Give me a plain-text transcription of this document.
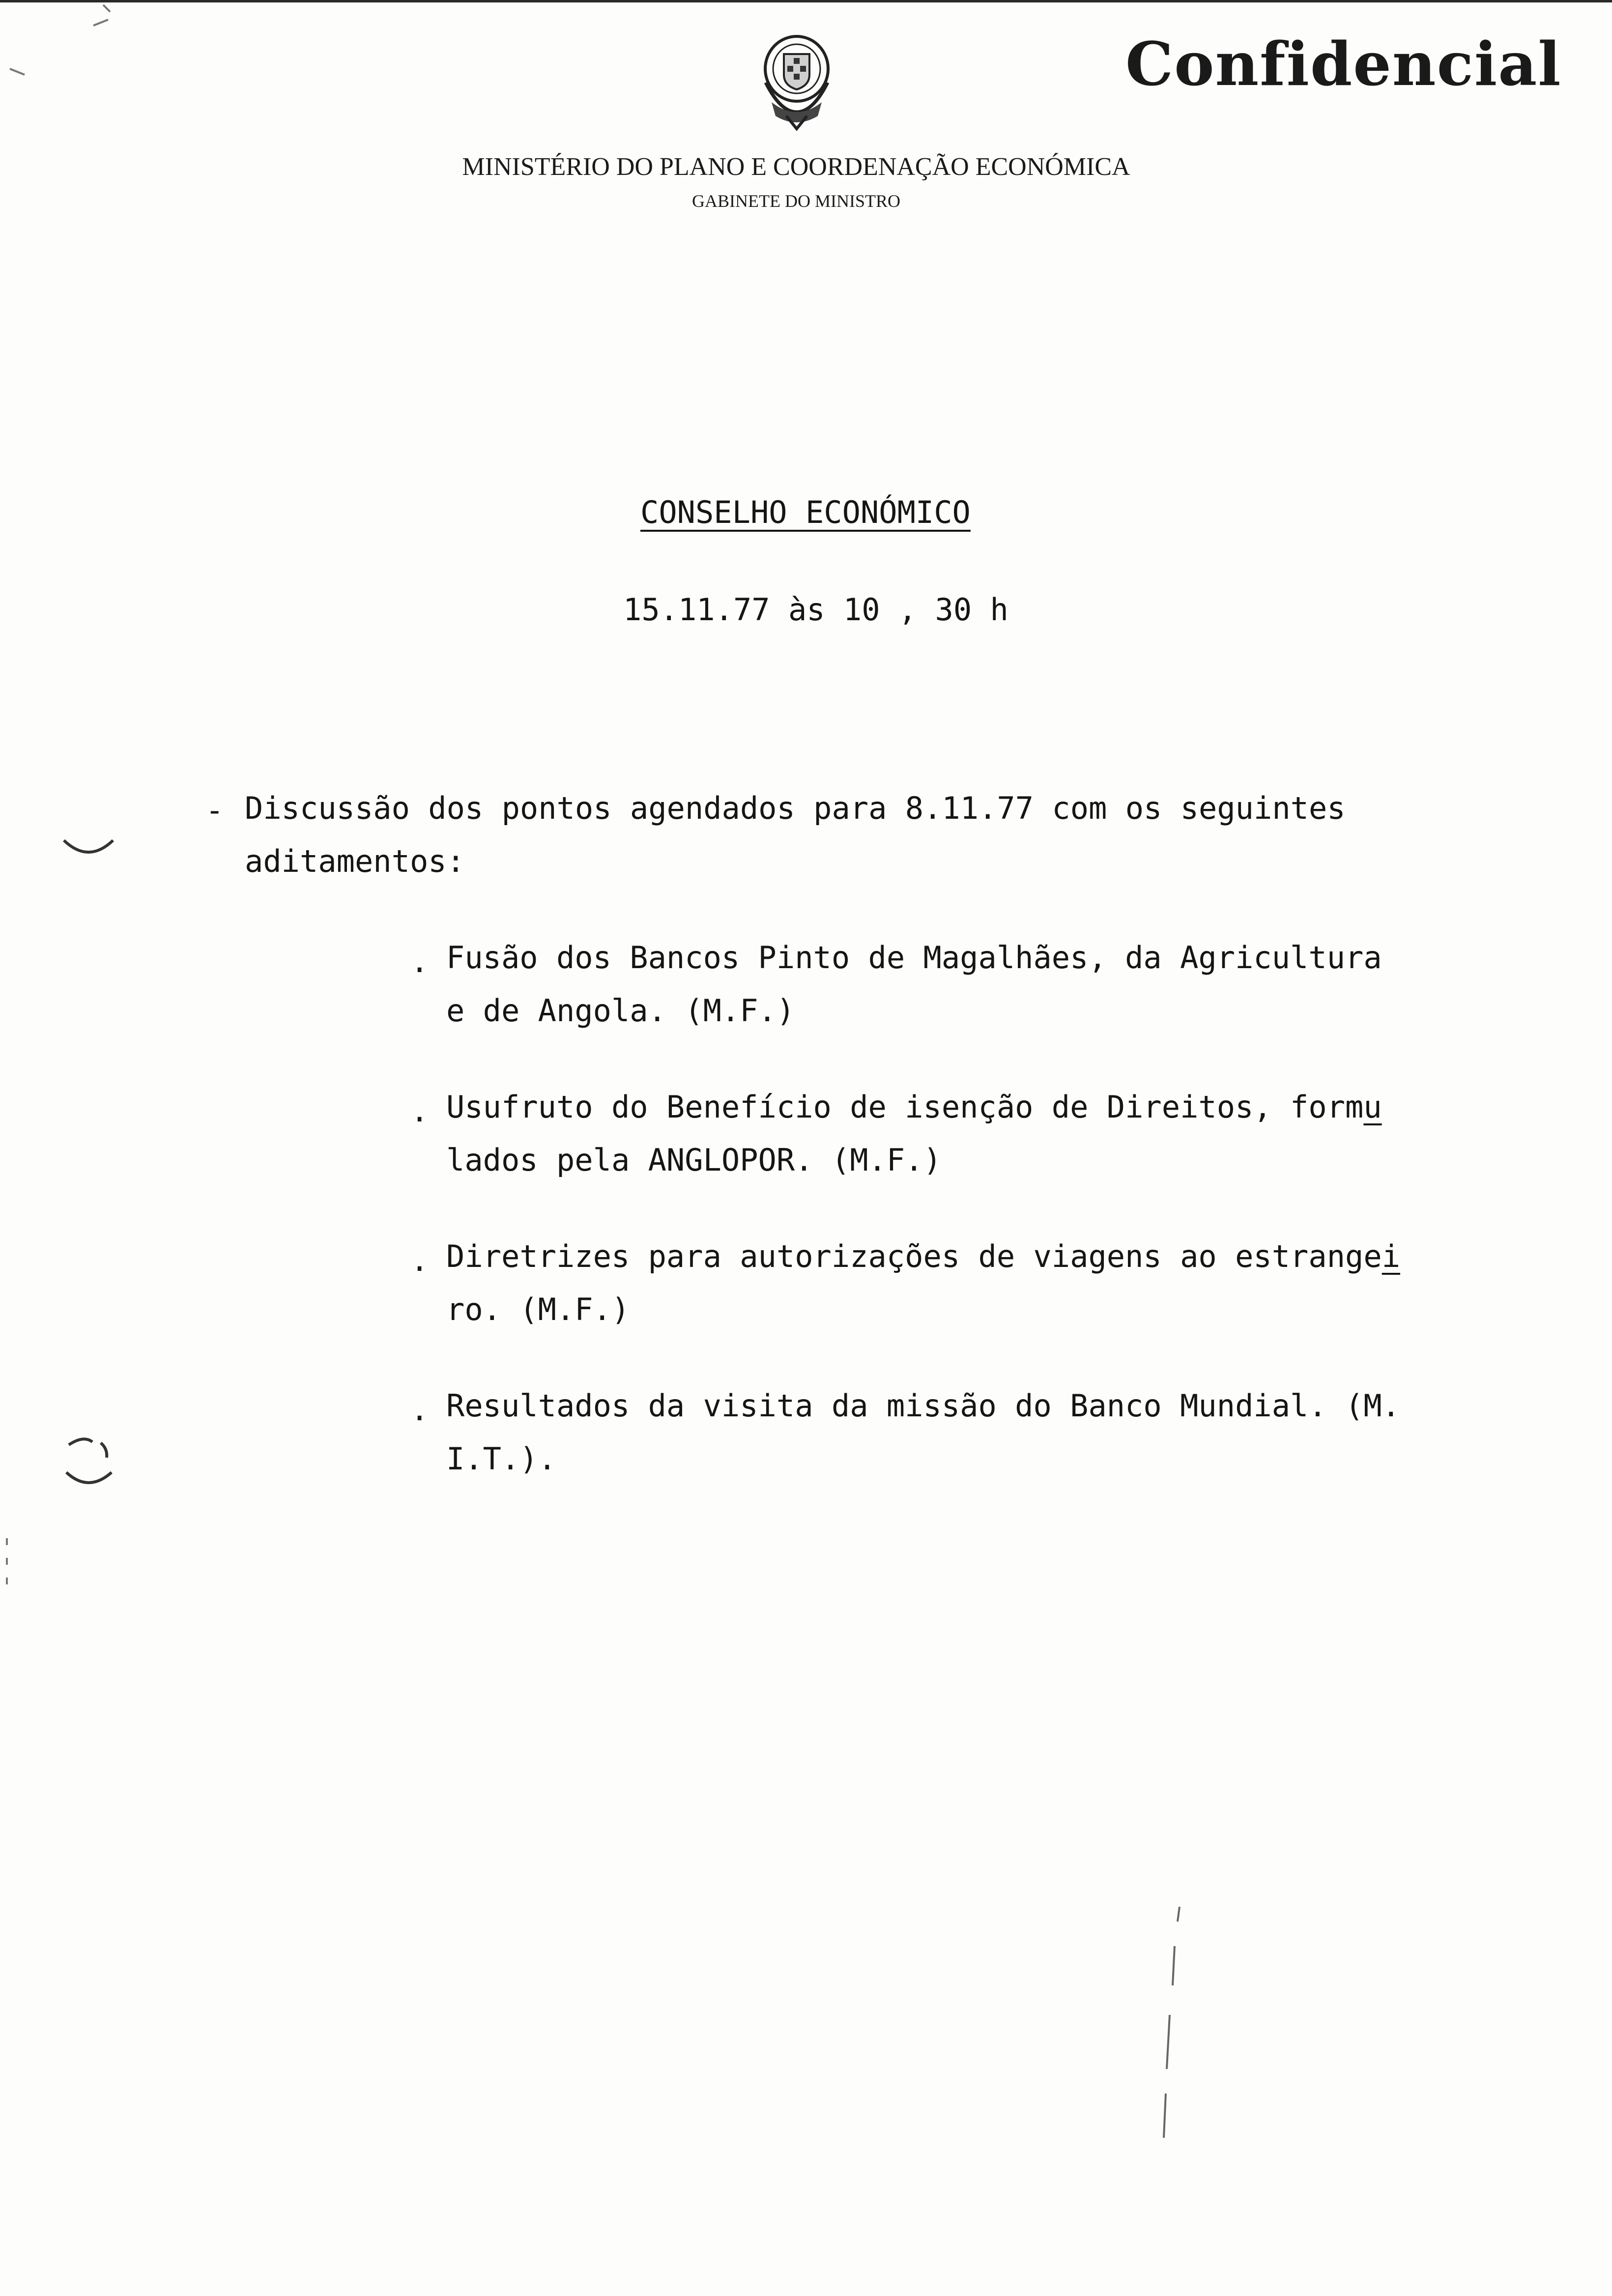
Confidencial
MINISTÉRIO DO PLANO E COORDENAÇÃO ECONÓMICA
GABINETE DO MINISTRO
CONSELHO ECONÓMICO
15.11.77 às 10 , 30 h
- Discussão dos pontos agendados para 8.11.77 com os seguintes
aditamentos:
. Fusão dos Bancos Pinto de Magalhães, da Agricultura
e de Angola. (M.F.)
. Usufruto do Benefício de isenção de Direitos, formu
lados pela ANGLOPOR. (M.F.)
. Diretrizes para autorizações de viagens ao estrangei
ro. (M.F.)
. Resultados da visita da missão do Banco Mundial. (M.
I.T.).
